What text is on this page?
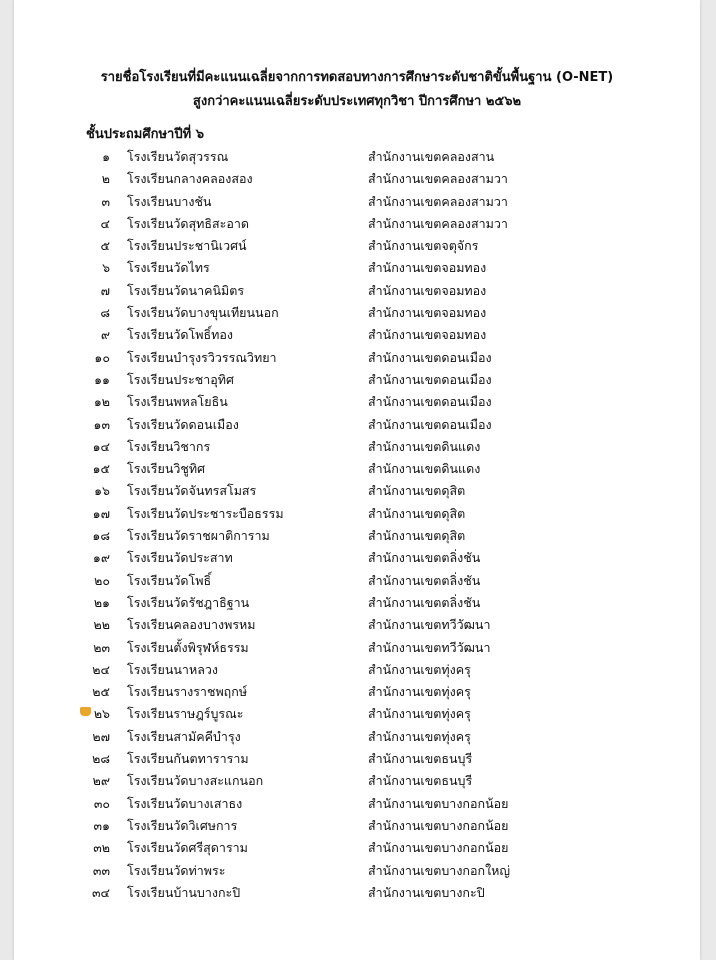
รายชื่อโรงเรียนที่มีคะแนนเฉลี่ยจากการทดสอบทางการศึกษาระดับชาติขั้นพื้นฐาน (O-NET)
สูงกว่าคะแนนเฉลี่ยระดับประเทศทุกวิชา ปีการศึกษา ๒๕๖๒
ชั้นประถมศึกษาปีที่ ๖
๑ โรงเรียนวัดสุวรรณ	สำนักงานเขตคลองสาน
๒ โรงเรียนกลางคลองสอง	สำนักงานเขตคลองสามวา
๓ โรงเรียนบางชัน	สำนักงานเขตคลองสามวา
๔ โรงเรียนวัดสุทธิสะอาด	สำนักงานเขตคลองสามวา
๕ โรงเรียนประชานิเวศน์	สำนักงานเขตจตุจักร
๖ โรงเรียนวัดไทร	สำนักงานเขตจอมทอง
๗ โรงเรียนวัดนาคนิมิตร	สำนักงานเขตจอมทอง
๘ โรงเรียนวัดบางขุนเทียนนอก	สำนักงานเขตจอมทอง
๙ โรงเรียนวัดโพธิ์ทอง	สำนักงานเขตจอมทอง
๑๐ โรงเรียนบำรุงรวิวรรณวิทยา	สำนักงานเขตดอนเมือง
๑๑ โรงเรียนประชาอุทิศ	สำนักงานเขตดอนเมือง
๑๒ โรงเรียนพหลโยธิน	สำนักงานเขตดอนเมือง
๑๓ โรงเรียนวัดดอนเมือง	สำนักงานเขตดอนเมือง
๑๔ โรงเรียนวิชากร	สำนักงานเขตดินแดง
๑๕ โรงเรียนวิชูทิศ	สำนักงานเขตดินแดง
๑๖ โรงเรียนวัดจันทรสโมสร	สำนักงานเขตดุสิต
๑๗ โรงเรียนวัดประชาระบือธรรม	สำนักงานเขตดุสิต
๑๘ โรงเรียนวัดราชผาติการาม	สำนักงานเขตดุสิต
๑๙ โรงเรียนวัดประสาท	สำนักงานเขตตลิ่งชัน
๒๐ โรงเรียนวัดโพธิ์	สำนักงานเขตตลิ่งชัน
๒๑ โรงเรียนวัดรัชฎาธิฐาน	สำนักงานเขตตลิ่งชัน
๒๒ โรงเรียนคลองบางพรหม	สำนักงานเขตทวีวัฒนา
๒๓ โรงเรียนตั้งพิรุฬห์ธรรม	สำนักงานเขตทวีวัฒนา
๒๔ โรงเรียนนาหลวง	สำนักงานเขตทุ่งครุ
๒๕ โรงเรียนรางราชพฤกษ์	สำนักงานเขตทุ่งครุ
๒๖ โรงเรียนราษฎร์บูรณะ	สำนักงานเขตทุ่งครุ
๒๗ โรงเรียนสามัคคีบำรุง	สำนักงานเขตทุ่งครุ
๒๘ โรงเรียนกันตทาราราม	สำนักงานเขตธนบุรี
๒๙ โรงเรียนวัดบางสะแกนอก	สำนักงานเขตธนบุรี
๓๐ โรงเรียนวัดบางเสาธง	สำนักงานเขตบางกอกน้อย
๓๑ โรงเรียนวัดวิเศษการ	สำนักงานเขตบางกอกน้อย
๓๒ โรงเรียนวัดศรีสุดาราม	สำนักงานเขตบางกอกน้อย
๓๓ โรงเรียนวัดท่าพระ	สำนักงานเขตบางกอกใหญ่
๓๔ โรงเรียนบ้านบางกะปิ	สำนักงานเขตบางกะปิ
